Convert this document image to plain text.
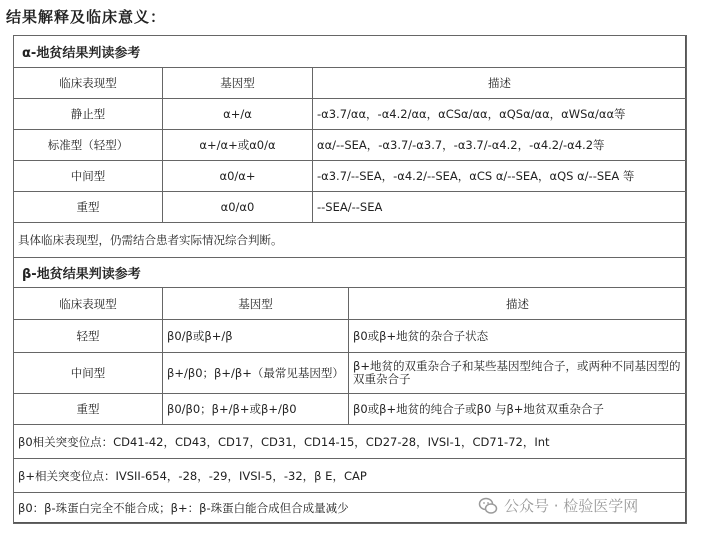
结果解释及临床意义：
α-地贫结果判读参考		
临床表现型	基因型	描述
静止型	α+/α	-α3.7/αα，-α4.2/αα，αCSα/αα，αQSα/αα，αWSα/αα等
标准型（轻型）	α+/α+或α0/α	αα/--SEA，-α3.7/-α3.7，-α3.7/-α4.2，-α4.2/-α4.2等
中间型	α0/α+	-α3.7/--SEA，-α4.2/--SEA，αCS α/--SEA，αQS α/--SEA 等
重型	α0/α0	--SEA/--SEA
具体临床表现型，仍需结合患者实际情况综合判断。		
β-地贫结果判读参考		
临床表现型	基因型	描述
轻型	β0/β或β+/β	β0或β+地贫的杂合子状态
中间型	β+/β0；β+/β+（最常见基因型）	β+地贫的双重杂合子和某些基因型纯合子，或两种不同基因型的双重杂合子
重型	β0/β0；β+/β+或β+/β0	β0或β+地贫的纯合子或β0 与β+地贫双重杂合子
β0相关突变位点：CD41-42，CD43，CD17，CD31，CD14-15，CD27-28，IVSI-1，CD71-72，Int		
β+相关突变位点：IVSII-654，-28，-29，IVSI-5，-32，β E，CAP		
β0：β-珠蛋白完全不能合成；β+：β-珠蛋白能合成但合成量减少			公众号 · 检验医学网
